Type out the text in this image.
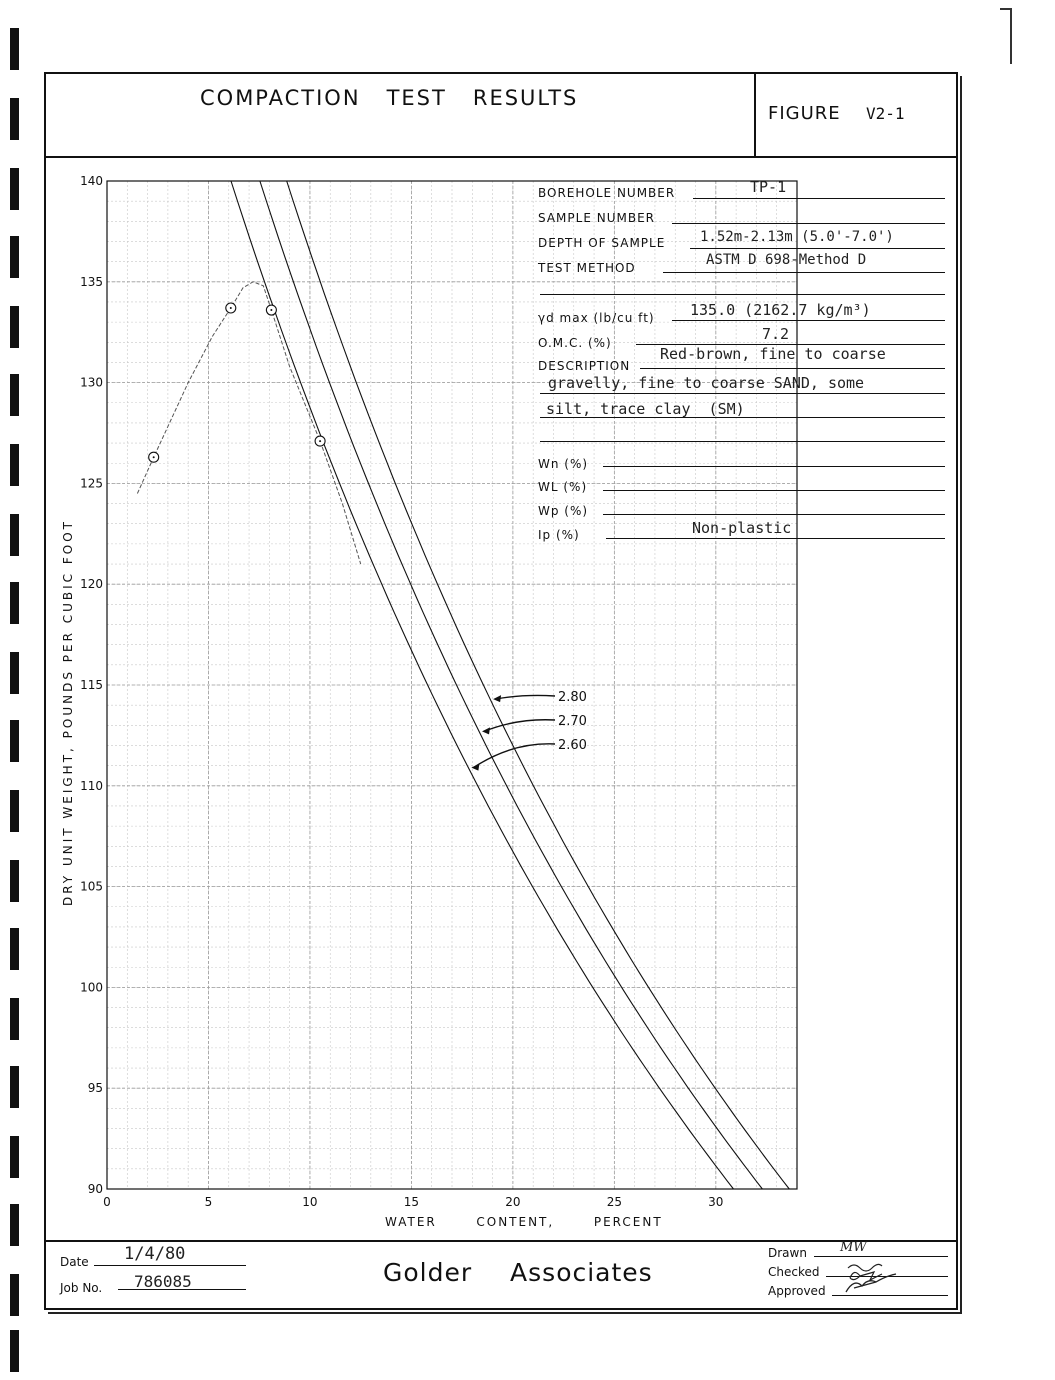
COMPACTION   TEST   RESULTS
FIGURE V2-1
90
95
100
105
110
115
120
125
130
135
140
0	5	10	15	20	25	30
2.80
2.70
2.60
DRY UNIT WEIGHT, POUNDS PER CUBIC FOOT
WATER  CONTENT,  PERCENT
BOREHOLE NUMBER	TP-1
SAMPLE NUMBER
DEPTH OF SAMPLE 1.52m-2.13m (5.0'-7.0')
TEST METHOD	ASTM D 698-Method D
γd max (lb/cu ft) 135.0 (2162.7 kg/m³)
O.M.C. (%)	7.2
DESCRIPTION
Red-brown, fine to coarse
gravelly, fine to coarse SAND, some
silt, trace clay  (SM)
Wn (%)
WL (%)
Wp (%)
Ip (%)	Non-plastic
Date 1/4/80
Job No. 786085	Golder  Associates
Drawn	MW
Checked
Approved
